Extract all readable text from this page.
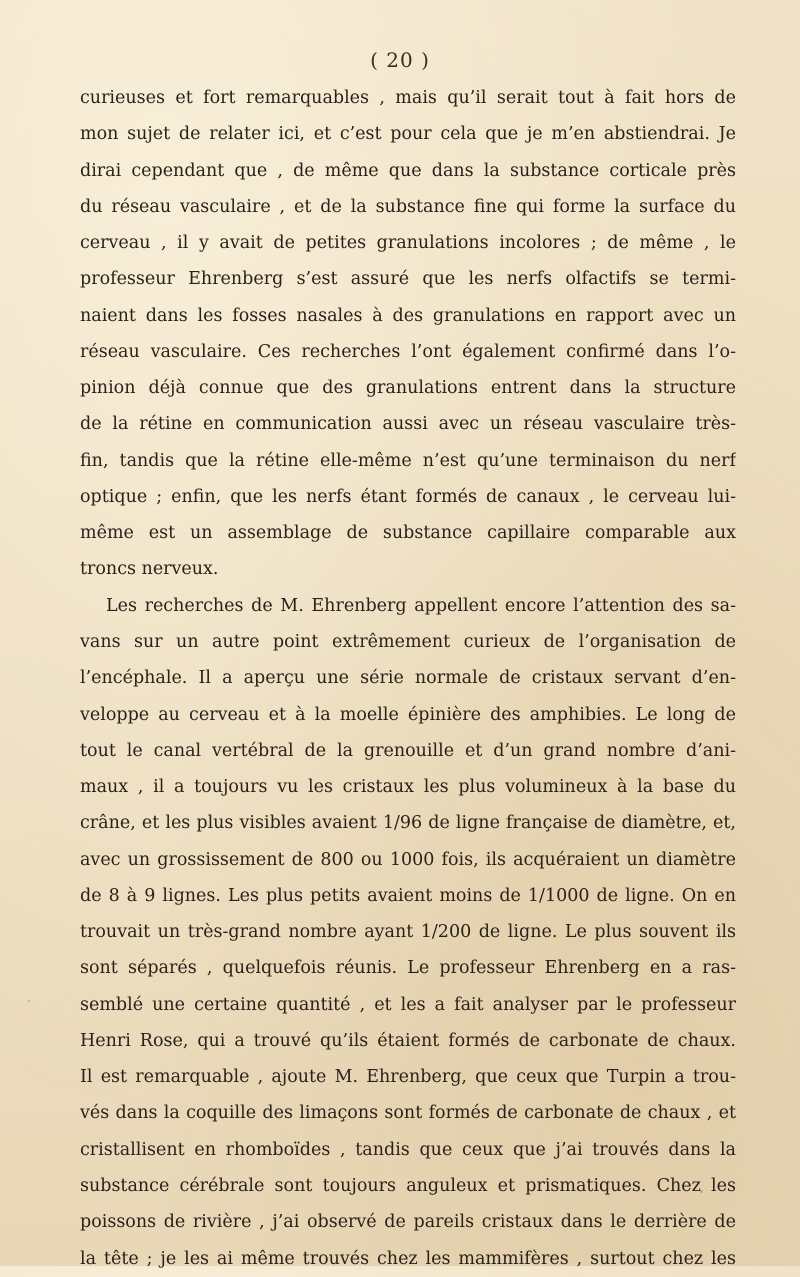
( 20 )
curieuses et fort remarquables , mais qu’il serait tout à fait hors de
mon sujet de relater ici, et c’est pour cela que je m’en abstiendrai. Je
dirai cependant que , de même que dans la substance corticale près
du réseau vasculaire , et de la substance fine qui forme la surface du
cerveau , il y avait de petites granulations incolores ; de même , le
professeur Ehrenberg s’est assuré que les nerfs olfactifs se termi-
naient dans les fosses nasales à des granulations en rapport avec un
réseau vasculaire. Ces recherches l’ont également confirmé dans l’o-
pinion déjà connue que des granulations entrent dans la structure
de la rétine en communication aussi avec un réseau vasculaire très-
fin, tandis que la rétine elle-même n’est qu’une terminaison du nerf
optique ; enfin, que les nerfs étant formés de canaux , le cerveau lui-
même est un assemblage de substance capillaire comparable aux
troncs nerveux.
Les recherches de M. Ehrenberg appellent encore l’attention des sa-
vans sur un autre point extrêmement curieux de l’organisation de
l’encéphale. Il a aperçu une série normale de cristaux servant d’en-
veloppe au cerveau et à la moelle épinière des amphibies. Le long de
tout le canal vertébral de la grenouille et d’un grand nombre d’ani-
maux , il a toujours vu les cristaux les plus volumineux à la base du
crâne, et les plus visibles avaient 1/96 de ligne française de diamètre, et,
avec un grossissement de 800 ou 1000 fois, ils acquéraient un diamètre
de 8 à 9 lignes. Les plus petits avaient moins de 1/1000 de ligne. On en
trouvait un très-grand nombre ayant 1/200 de ligne. Le plus souvent ils
sont séparés , quelquefois réunis. Le professeur Ehrenberg en a ras-
semblé une certaine quantité , et les a fait analyser par le professeur
Henri Rose, qui a trouvé qu’ils étaient formés de carbonate de chaux.
Il est remarquable , ajoute M. Ehrenberg, que ceux que Turpin a trou-
vés dans la coquille des limaçons sont formés de carbonate de chaux , et
cristallisent en rhomboïdes , tandis que ceux que j’ai trouvés dans la
substance cérébrale sont toujours anguleux et prismatiques. Chez les
poissons de rivière , j’ai observé de pareils cristaux dans le derrière de
la tête ; je les ai même trouvés chez les mammifères , surtout chez les
